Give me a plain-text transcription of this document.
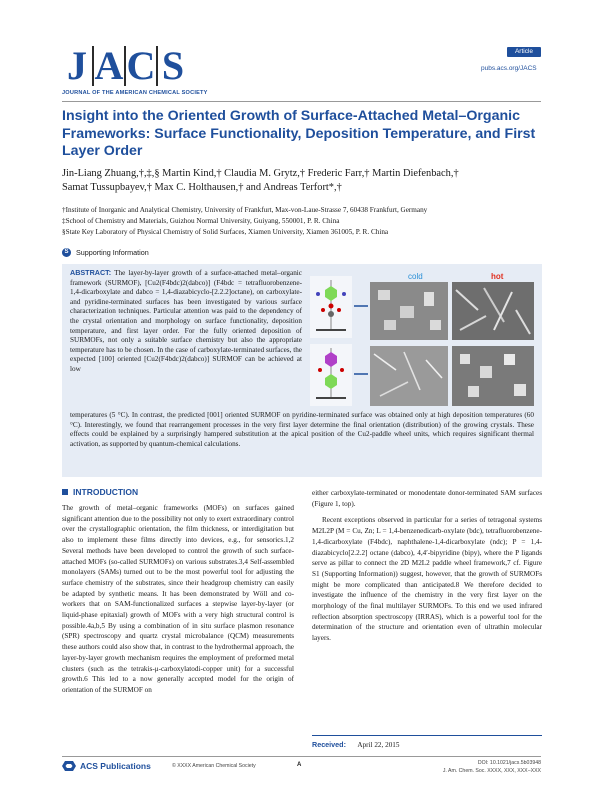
J A C S
JOURNAL OF THE AMERICAN CHEMICAL SOCIETY
Article
pubs.acs.org/JACS
Insight into the Oriented Growth of Surface-Attached Metal–Organic Frameworks: Surface Functionality, Deposition Temperature, and First Layer Order
Jin-Liang Zhuang,†,‡,§ Martin Kind,† Claudia M. Grytz,† Frederic Farr,† Martin Diefenbach,†
Samat Tussupbayev,† Max C. Holthausen,† and Andreas Terfort*,†
†Institute of Inorganic and Analytical Chemistry, University of Frankfurt, Max-von-Laue-Strasse 7, 60438 Frankfurt, Germany
‡School of Chemistry and Materials, Guizhou Normal University, Guiyang, 550001, P. R. China
§State Key Laboratory of Physical Chemistry of Solid Surfaces, Xiamen University, Xiamen 361005, P. R. China
S	Supporting Information
ABSTRACT: The layer-by-layer growth of a surface-attached metal–organic framework (SURMOF), [Cu2(F4bdc)2(dabco)] (F4bdc = tetrafluorobenzene-1,4-dicarboxylate and dabco = 1,4-diazabicyclo-[2.2.2]octane), on carboxylate- and pyridine-terminated surfaces has been investigated by various surface characterization techniques. Particular attention was paid to the dependency of the crystal orientation and morphology on surface functionality, deposition temperature, and first layer order. For the fully oriented deposition of SURMOFs, not only a suitable surface chemistry but also the appropriate temperature has to be chosen. In the case of carboxylate-terminated surfaces, the expected [100] oriented [Cu2(F4bdc)2(dabco)] SURMOF can be achieved at low
cold	hot
temperatures (5 °C). In contrast, the predicted [001] oriented SURMOF on pyridine-terminated surface was obtained only at high deposition temperatures (60 °C). Interestingly, we found that rearrangement processes in the very first layer determine the final orientation (distribution) of the growing crystals. These effects could be explained by a surprisingly hampered substitution at the apical position of the Cu2-paddle wheel units, which requires significant thermal activation, as supported by quantum-chemical calculations.
INTRODUCTION

The growth of metal–organic frameworks (MOFs) on surfaces gained significant attention due to the possibility not only to exert extraordinary control over the crystallographic orientation, the film thickness, or interdigitation but also to implement these films directly into devices, e.g., for sensorics.1,2 Several methods have been developed to control the growth of such surface-attached MOFs (so-called SURMOFs) on various substrates.3,4 Self-assembled monolayers (SAMs) turned out to be the most powerful tool for adjusting the surface chemistry of the substrates, since their headgroup chemistry can easily be adapted by synthetic means. It has been demonstrated by Wöll and co-workers that on SAM-functionalized surfaces a stepwise layer-by-layer (or liquid-phase epitaxial) growth of MOFs with a very high structural control is possible.4a,b,5 By using a combination of in situ surface plasmon resonance (SPR) spectroscopy and quartz crystal microbalance (QCM) measurements these authors could also show that, in contrast to the hydrothermal approach, the layer-by-layer growth mechanism requires the employment of preformed metal clusters (such as the tetrakis-μ-carboxylatodi-copper unit) for a successful growth.6 This led to a now generally accepted model for the origin of orientation of the SURMOF on

either carboxylate-terminated or monodentate donor-terminated SAM surfaces (Figure 1, top).

Recent exceptions observed in particular for a series of tetragonal systems M2L2P (M = Cu, Zn; L = 1,4-benzenedicarb-oxylate (bdc), tetrafluorobenzene-1,4-dicarboxylate (F4bdc), naphthalene-1,4-dicarboxylate (ndc); P = 1,4-diazabicyclo[2.2.2] octane (dabco), 4,4′-bipyridine (bipy), where the P ligands serve as pillar to connect the 2D M2L2 paddle wheel framework,7 cf. Figure S1 (Supporting Information)) suggest, however, that the growth of SURMOFs might be more complicated than anticipated.8 We therefore decided to investigate the influence of the chemistry in the very first layer on the morphology of the final multilayer SURMOFs. To this end we used infrared reflection absorption spectroscopy (IRRAS), which is a powerful tool for the determination of the structure and orientation even of ultrathin molecular layers.

Received: April 22, 2015
ACS Publications	© XXXX American Chemical Society	A	DOI: 10.1021/jacs.5b03948
J. Am. Chem. Soc. XXXX, XXX, XXX−XXX
